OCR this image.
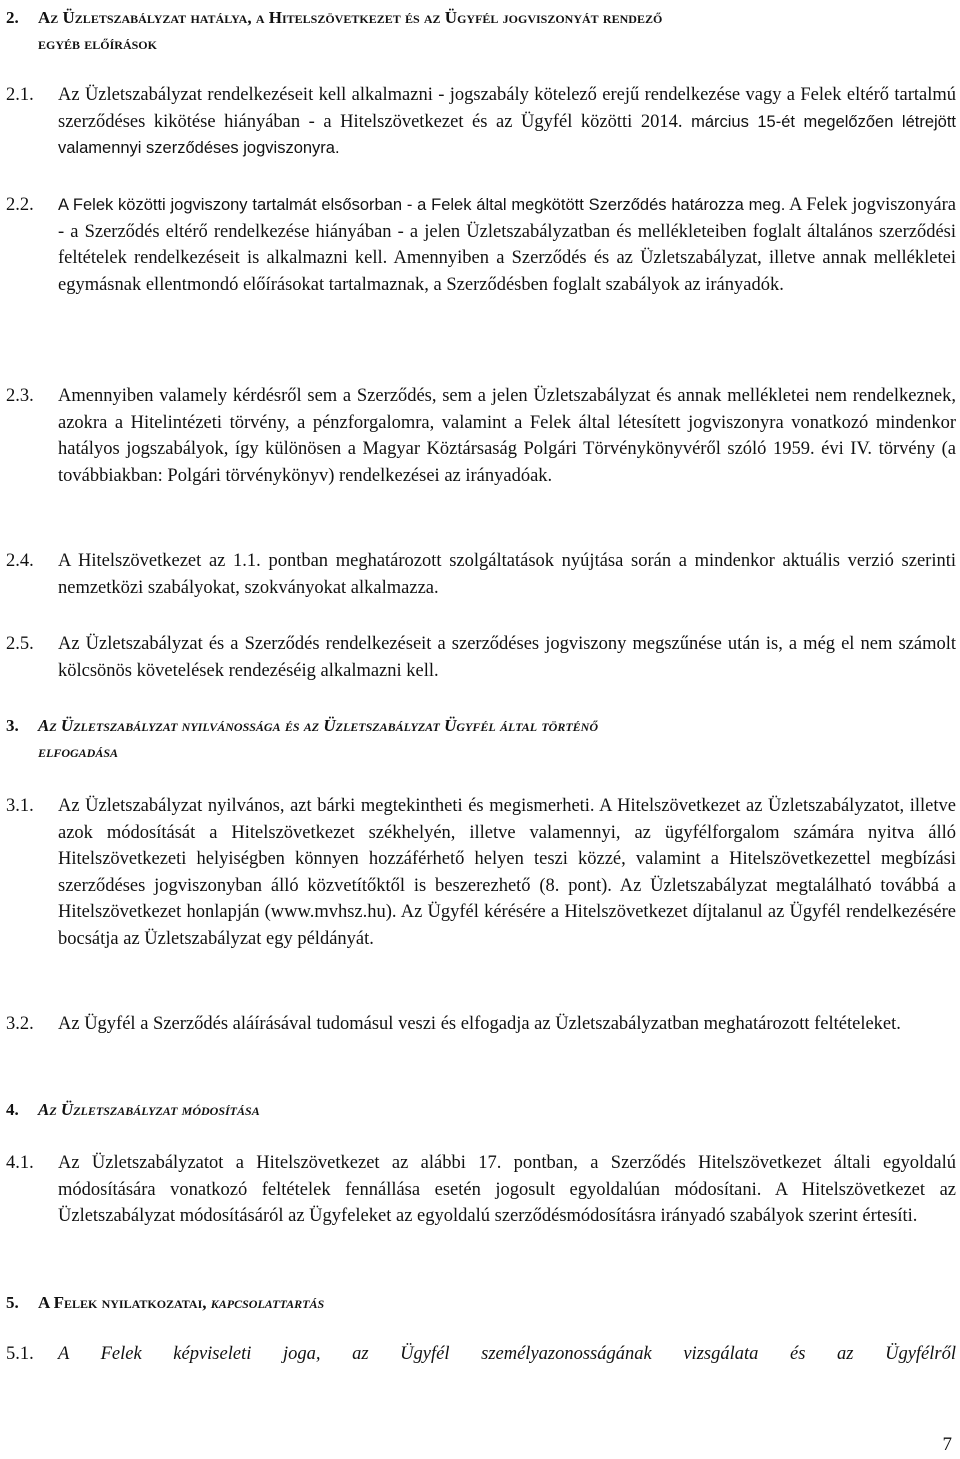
2. Az Üzletszabályzat hatálya, a Hitelszövetkezet és az Ügyfél jogviszonyát rendező
egyéb előírások
2.1.	Az Üzletszabályzat rendelkezéseit kell alkalmazni - jogszabály kötelező erejű rendelkezése vagy a Felek eltérő tartalmú szerződéses kikötése hiányában - a Hitelszövetkezet és az Ügyfél közötti 2014. március 15-ét megelőzően létrejött valamennyi szerződéses jogviszonyra.
2.2.	A Felek közötti jogviszony tartalmát elsősorban - a Felek által megkötött Szerződés határozza meg. A Felek jogviszonyára - a Szerződés eltérő rendelkezése hiányában - a jelen Üzletszabályzatban és mellékleteiben foglalt általános szerződési feltételek rendelkezéseit is alkalmazni kell. Amennyiben a Szerződés és az Üzletszabályzat, illetve annak mellékletei egymásnak ellentmondó előírásokat tartalmaznak, a Szerződésben foglalt szabályok az irányadók.
2.3.	Amennyiben valamely kérdésről sem a Szerződés, sem a jelen Üzletszabályzat és annak mellékletei nem rendelkeznek, azokra a Hitelintézeti törvény, a pénzforgalomra, valamint a Felek által létesített jogviszonyra vonatkozó mindenkor hatályos jogszabályok, így különösen a Magyar Köztársaság Polgári Törvénykönyvéről szóló 1959. évi IV. törvény (a továbbiakban: Polgári törvénykönyv) rendelkezései az irányadóak.
2.4.	A Hitelszövetkezet az 1.1. pontban meghatározott szolgáltatások nyújtása során a mindenkor aktuális verzió szerinti nemzetközi szabályokat, szokványokat alkalmazza.
2.5.	Az Üzletszabályzat és a Szerződés rendelkezéseit a szerződéses jogviszony megszűnése után is, a még el nem számolt kölcsönös követelések rendezéséig alkalmazni kell.
3. Az Üzletszabályzat nyilvánossága és az Üzletszabályzat Ügyfél által történő
elfogadása
3.1.	Az Üzletszabályzat nyilvános, azt bárki megtekintheti és megismerheti. A Hitelszövetkezet az Üzletszabályzatot, illetve azok módosítását a Hitelszövetkezet székhelyén, illetve valamennyi, az ügyfélforgalom számára nyitva álló Hitelszövetkezeti helyiségben könnyen hozzáférhető helyen teszi közzé, valamint a Hitelszövetkezettel megbízási szerződéses jogviszonyban álló közvetítőktől is beszerezhető (8. pont). Az Üzletszabályzat megtalálható továbbá a Hitelszövetkezet honlapján (www.mvhsz.hu). Az Ügyfél kérésére a Hitelszövetkezet díjtalanul az Ügyfél rendelkezésére bocsátja az Üzletszabályzat egy példányát.
3.2.	Az Ügyfél a Szerződés aláírásával tudomásul veszi és elfogadja az Üzletszabályzatban meghatározott feltételeket.
4. Az Üzletszabályzat módosítása
4.1.	Az Üzletszabályzatot a Hitelszövetkezet az alábbi 17. pontban, a Szerződés Hitelszövetkezet általi egyoldalú módosítására vonatkozó feltételek fennállása esetén jogosult egyoldalúan módosítani. A Hitelszövetkezet az Üzletszabályzat módosításáról az Ügyfeleket az egyoldalú szerződésmódosításra irányadó szabályok szerint értesíti.
5. A Felek nyilatkozatai, kapcsolattartás
5.1.	A Felek képviseleti joga, az Ügyfél személyazonosságának vizsgálata és az Ügyfélről
7
